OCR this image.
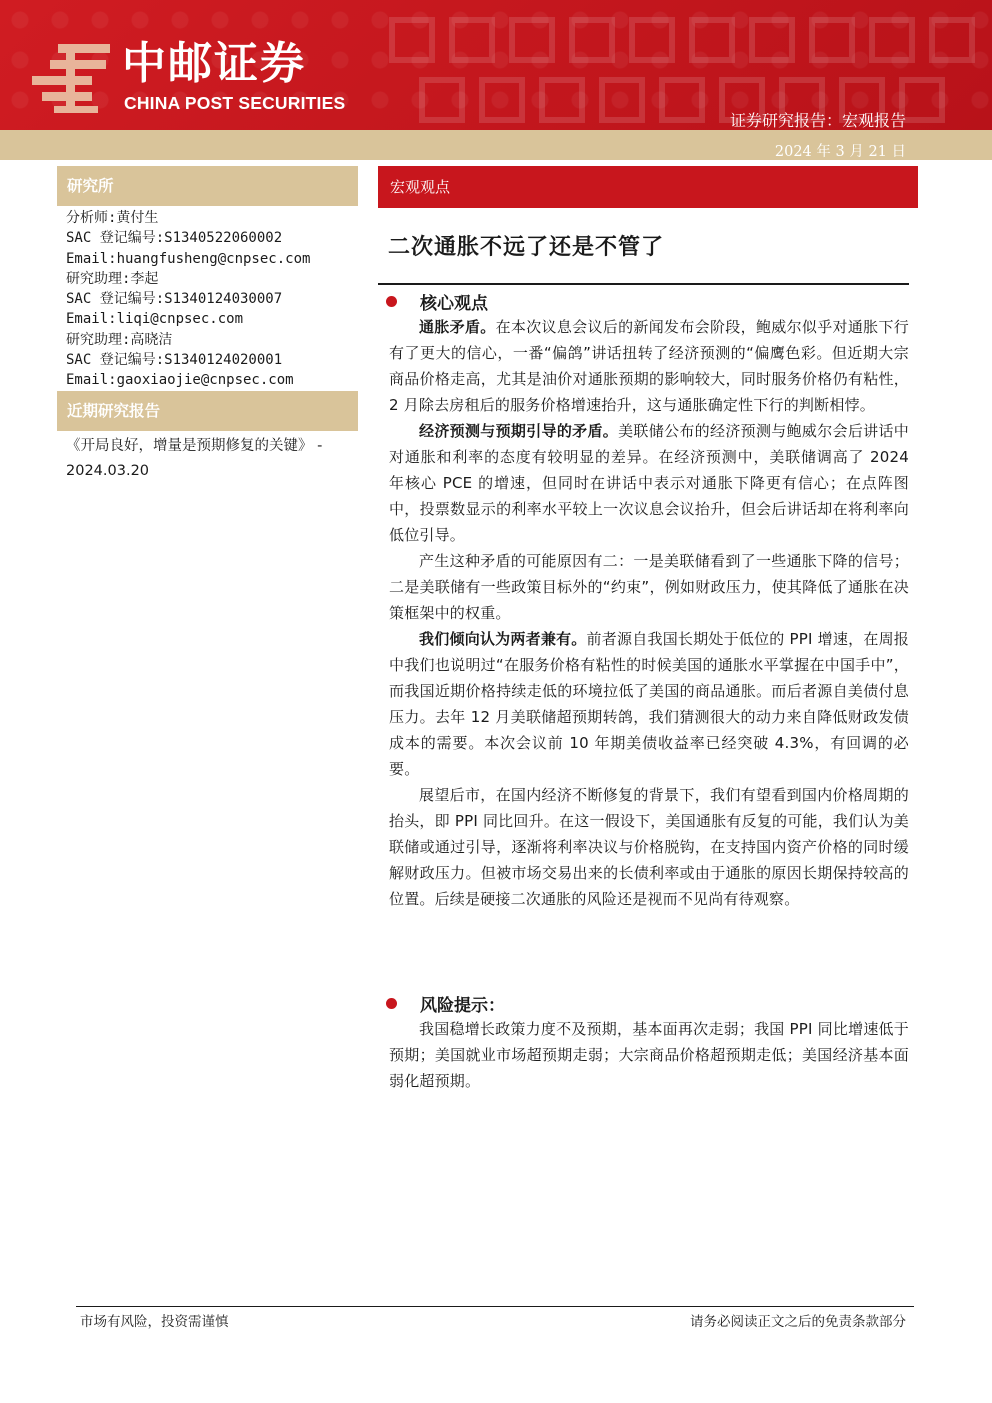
中邮证券
CHINA POST SECURITIES
证券研究报告：宏观报告
2024 年 3 月 21 日
研究所
分析师:黄付生
SAC 登记编号:S1340522060002
Email:huangfusheng@cnpsec.com
研究助理:李起
SAC 登记编号:S1340124030007
Email:liqi@cnpsec.com
研究助理:高晓洁
SAC 登记编号:S1340124020001
Email:gaoxiaojie@cnpsec.com
近期研究报告
《开局良好，增量是预期修复的关键》 - 2024.03.20
宏观观点
二次通胀不远了还是不管了
核心观点

通胀矛盾。在本次议息会议后的新闻发布会阶段，鲍威尔似乎对通胀下行有了更大的信心，一番“偏鸽”讲话扭转了经济预测的“偏鹰色彩。但近期大宗商品价格走高，尤其是油价对通胀预期的影响较大，同时服务价格仍有粘性，2 月除去房租后的服务价格增速抬升，这与通胀确定性下行的判断相悖。

经济预测与预期引导的矛盾。美联储公布的经济预测与鲍威尔会后讲话中对通胀和利率的态度有较明显的差异。在经济预测中，美联储调高了 2024 年核心 PCE 的增速，但同时在讲话中表示对通胀下降更有信心；在点阵图中，投票数显示的利率水平较上一次议息会议抬升，但会后讲话却在将利率向低位引导。

产生这种矛盾的可能原因有二：一是美联储看到了一些通胀下降的信号；二是美联储有一些政策目标外的“约束”，例如财政压力，使其降低了通胀在决策框架中的权重。

我们倾向认为两者兼有。前者源自我国长期处于低位的 PPI 增速，在周报中我们也说明过“在服务价格有粘性的时候美国的通胀水平掌握在中国手中”，而我国近期价格持续走低的环境拉低了美国的商品通胀。而后者源自美债付息压力。去年 12 月美联储超预期转鸽，我们猜测很大的动力来自降低财政发债成本的需要。本次会议前 10 年期美债收益率已经突破 4.3%，有回调的必要。

展望后市，在国内经济不断修复的背景下，我们有望看到国内价格周期的抬头，即 PPI 同比回升。在这一假设下，美国通胀有反复的可能，我们认为美联储或通过引导，逐渐将利率决议与价格脱钩，在支持国内资产价格的同时缓解财政压力。但被市场交易出来的长债利率或由于通胀的原因长期保持较高的位置。后续是硬接二次通胀的风险还是视而不见尚有待观察。

风险提示：

我国稳增长政策力度不及预期，基本面再次走弱；我国 PPI 同比增速低于预期；美国就业市场超预期走弱；大宗商品价格超预期走低；美国经济基本面弱化超预期。

市场有风险，投资需谨慎	请务必阅读正文之后的免责条款部分
